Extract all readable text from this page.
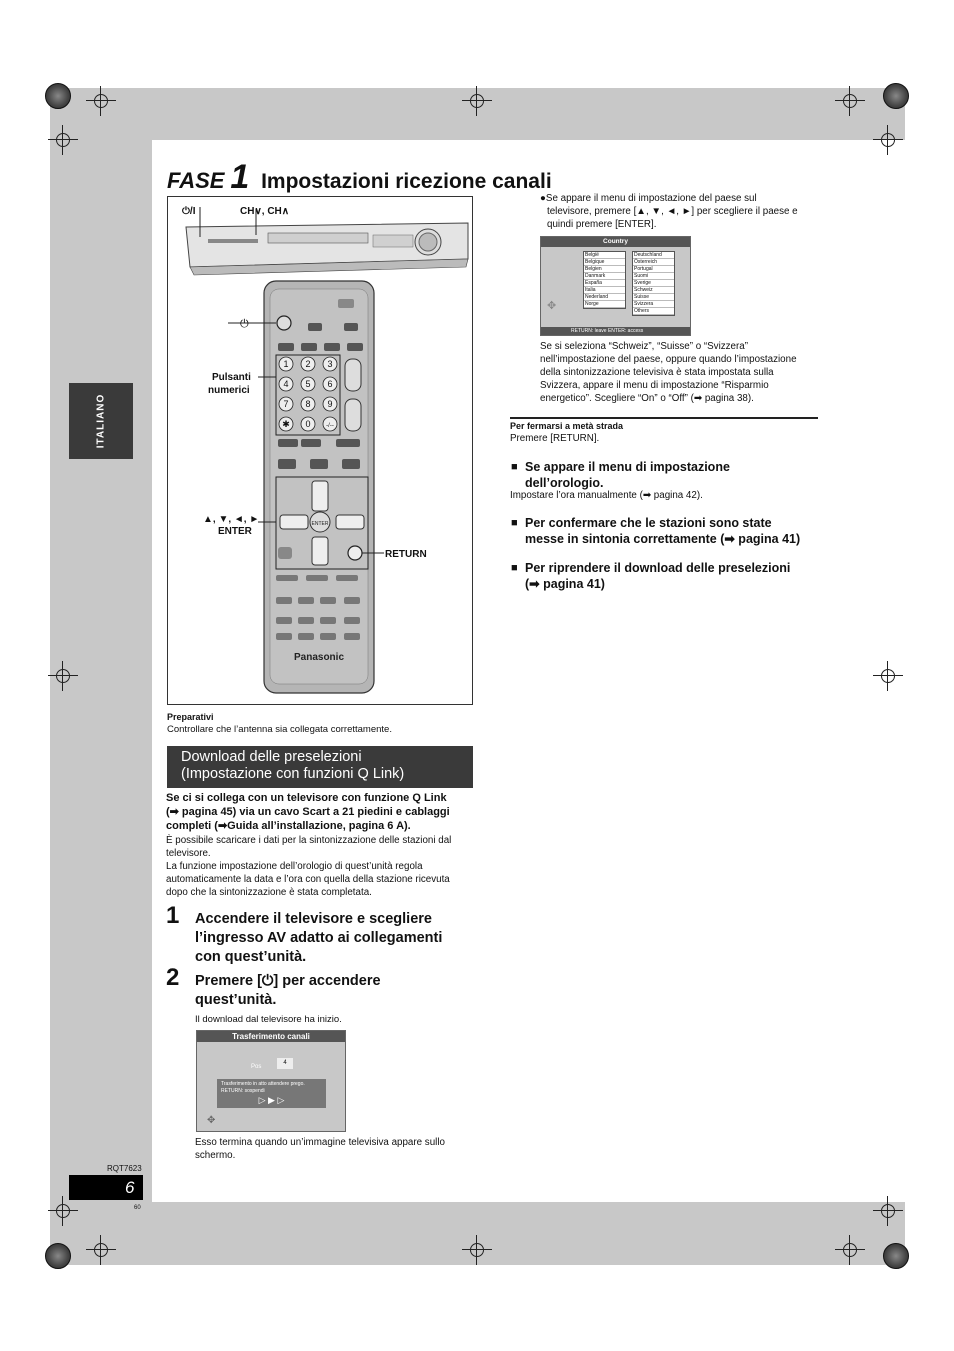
ITALIANO
FASE 1 Impostazioni ricezione canali
1 2 3
4 5 6
7 8 9
✱ 0	-/--
ENTER
Panasonic
⏻/I	CH∨, CH∧
⏻
Pulsanti
numerici
▲, ▼, ◄, ►
ENTER
RETURN
Preparativi
Controllare che l’antenna sia collegata correttamente.
Download delle preselezioni
(Impostazione con funzioni Q Link)
Se ci si collega con un televisore con funzione Q Link
(➡ pagina 45) via un cavo Scart a 21 piedini e cablaggi
completi (➡Guida all’installazione, pagina 6 A).
È possibile scaricare i dati per la sintonizzazione delle stazioni dal
televisore.
La funzione impostazione dell’orologio di quest’unità regola
automaticamente la data e l’ora con quella della stazione ricevuta
dopo che la sintonizzazione è stata completata.
1 Accendere il televisore e scegliere
l’ingresso AV adatto ai collegamenti
con quest’unità.
2 Premere [⏻] per accendere
quest’unità.
Il download dal televisore ha inizio.
Trasferimento canali
Pos
4
Trasferimento in atto attendere prego.
RETURN: sospendi
▷ ▶ ▷
✥
Esso termina quando un’immagine televisiva appare sullo
schermo.
●Se appare il menu di impostazione del paese sul
televisore, premere [▲, ▼, ◄, ►] per scegliere il paese e
quindi premere [ENTER].
Country
België
Belgique
Belgien
Danmark
España
Italia
Nederland
Norge
Deutschland
Österreich
Portugal
Suomi
Sverige
Schweiz
Suisse
Svizzera
Others
✥
RETURN: leave ENTER: access
Se si seleziona “Schweiz”, “Suisse” o “Svizzera”
nell’impostazione del paese, oppure quando l’impostazione
della sintonizzazione televisiva è stata impostata sulla
Svizzera, appare il menu di impostazione “Risparmio
energetico”. Scegliere “On” o “Off” (➡ pagina 38).
Per fermarsi a metà strada
Premere [RETURN].
■ Se appare il menu di impostazione
dell’orologio.
Impostare l’ora manualmente (➡ pagina 42).
■ Per confermare che le stazioni sono state
messe in sintonia correttamente (➡ pagina 41)
■ Per riprendere il download delle preselezioni
(➡ pagina 41)
RQT7623
6
60
